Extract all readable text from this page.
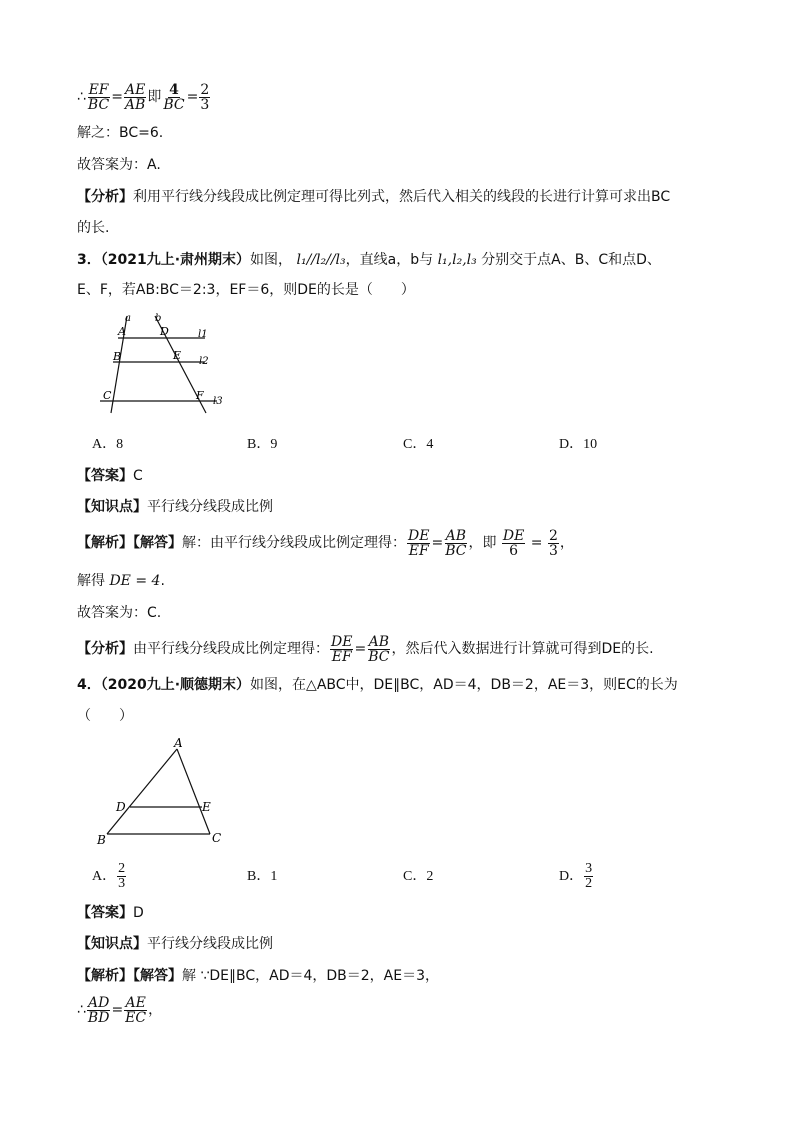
∴ $\frac{EF}{BC} = \frac{AE}{AB}$ 即 $\frac{4}{BC} = \frac{2}{3}$
解之：BC=6.
故答案为：A.
【分析】利用平行线分线段成比例定理可得比列式，然后代入相关的线段的长进行计算可求出BC
的长.
3．（2021九上·肃州期末）如图， l₁//l₂//l₃，直线a，b与 l₁,l₂,l₃ 分别交于点A、B、C和点D、
E、F，若AB:BC＝2:3，EF＝6，则DE的长是（　　）
a b
A	D	l1
B	E l2
C	F l3
A．8	B．9	C．4	D．10
【答案】C
【知识点】平行线分线段成比例
【解析】【解答】解：由平行线分线段成比例定理得： $\frac{DE}{EF} = \frac{AB}{BC}$ ，即 $\frac{DE}{6} = \frac{2}{3}$ ，
解得 DE = 4.
故答案为：C.
【分析】由平行线分线段成比例定理得： $\frac{DE}{EF} = \frac{AB}{BC}$ ，然后代入数据进行计算就可得到DE的长.
4．（2020九上·顺德期末）如图，在△ABC中，DE∥BC，AD＝4，DB＝2，AE＝3，则EC的长为
（　　）
A
D	E
B	C
A． $\frac{2}{3}$	B．1	C．2	D． $\frac{3}{2}$
【答案】D
【知识点】平行线分线段成比例
【解析】【解答】解 ∵DE∥BC，AD＝4，DB＝2，AE＝3，
∴ $\frac{AD}{BD} = \frac{AE}{EC}$ ，
